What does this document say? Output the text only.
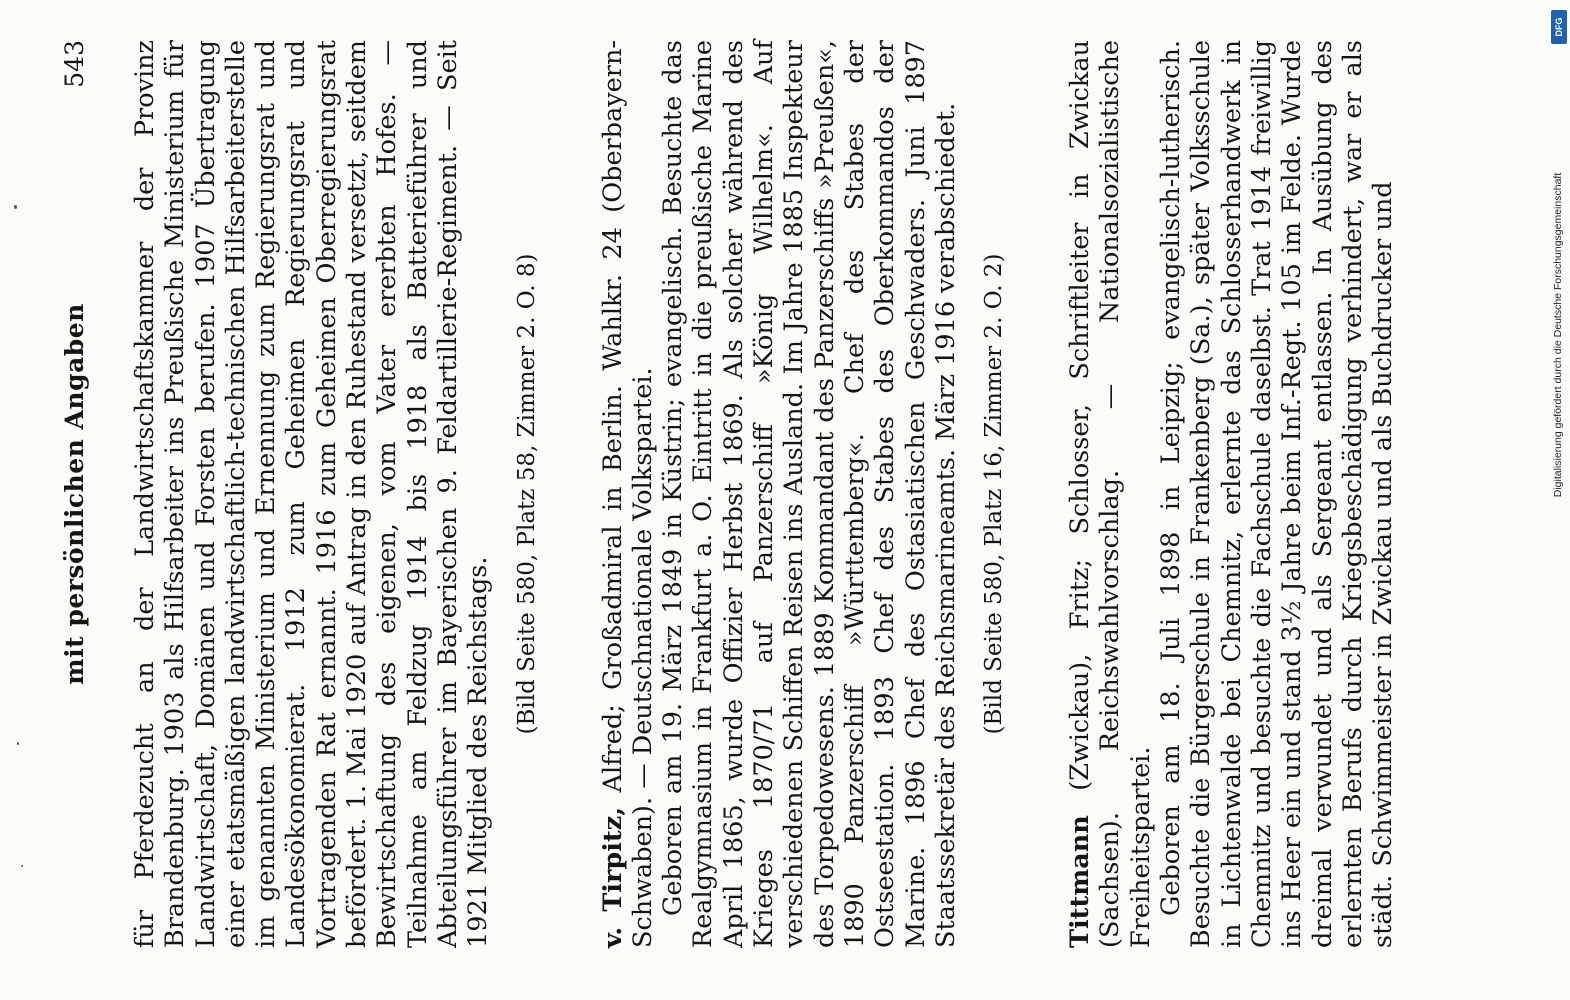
mit persönlichen Angaben
543 für Pferdezucht an der Landwirtschaftskammer der Provinz Brandenburg. 1903 als Hilfsarbeiter ins Preußische Ministerium für Landwirtschaft, Domänen und Forsten berufen. 1907 Übertragung einer etatsmäßigen landwirtschaftlich-technischen Hilfsarbeiterstelle im genannten Ministerium und Ernennung zum Regierungsrat und Landesökonomierat. 1912 zum Geheimen Regierungsrat und Vortragenden Rat ernannt. 1916 zum Geheimen Oberregierungsrat befördert. 1. Mai 1920 auf Antrag in den Ruhestand versetzt, seitdem Bewirtschaftung des eigenen, vom Vater ererbten Hofes. — Teilnahme am Feldzug 1914 bis 1918 als Batterieführer und Abteilungsführer im Bayerischen 9. Feldartillerie-Regiment. — Seit 1921 Mitglied des Reichstags.

(Bild Seite 580, Platz 58, Zimmer 2. O. 8)

v. Tirpitz, Alfred; Großadmiral in Berlin. Wahlkr. 24 (Oberbayern-Schwaben). — Deutschnationale Volkspartei. Geboren am 19. März 1849 in Küstrin; evangelisch. Besuchte das Realgymnasium in Frankfurt a. O. Eintritt in die preußische Marine April 1865, wurde Offizier Herbst 1869. Als solcher während des Krieges 1870/71 auf Panzerschiff »König Wilhelm«. Auf verschiedenen Schiffen Reisen ins Ausland. Im Jahre 1885 Inspekteur des Torpedowesens. 1889 Kommandant des Panzerschiffs »Preußen«, 1890 Panzerschiff »Württemberg«. Chef des Stabes der Ostseestation. 1893 Chef des Stabes des Oberkommandos der Marine. 1896 Chef des Ostasiatischen Geschwaders. Juni 1897 Staatssekretär des Reichsmarineamts. März 1916 verabschiedet. (Bild Seite 580, Platz 16, Zimmer 2. O. 2)

Tittmann (Zwickau), Fritz; Schlosser, Schriftleiter in Zwickau (Sachsen). Reichswahlvorschlag. — Nationalsozialistische Freiheitspartei. Geboren am 18. Juli 1898 in Leipzig; evangelisch-lutherisch. Besuchte die Bürgerschule in Frankenberg (Sa.), später Volksschule in Lichtenwalde bei Chemnitz, erlernte das Schlosserhandwerk in Chemnitz und besuchte die Fachschule daselbst. Trat 1914 freiwillig ins Heer ein und stand 3½ Jahre beim Inf.-Regt. 105 im Felde. Wurde dreimal verwundet und als Sergeant entlassen. In Ausübung des erlernten Berufs durch Kriegsbeschädigung verhindert, war er als städt. Schwimmeister in Zwickau und als Buchdrucker und

DFG
Digitalisierung gefördert durch die Deutsche Forschungsgemeinschaft
